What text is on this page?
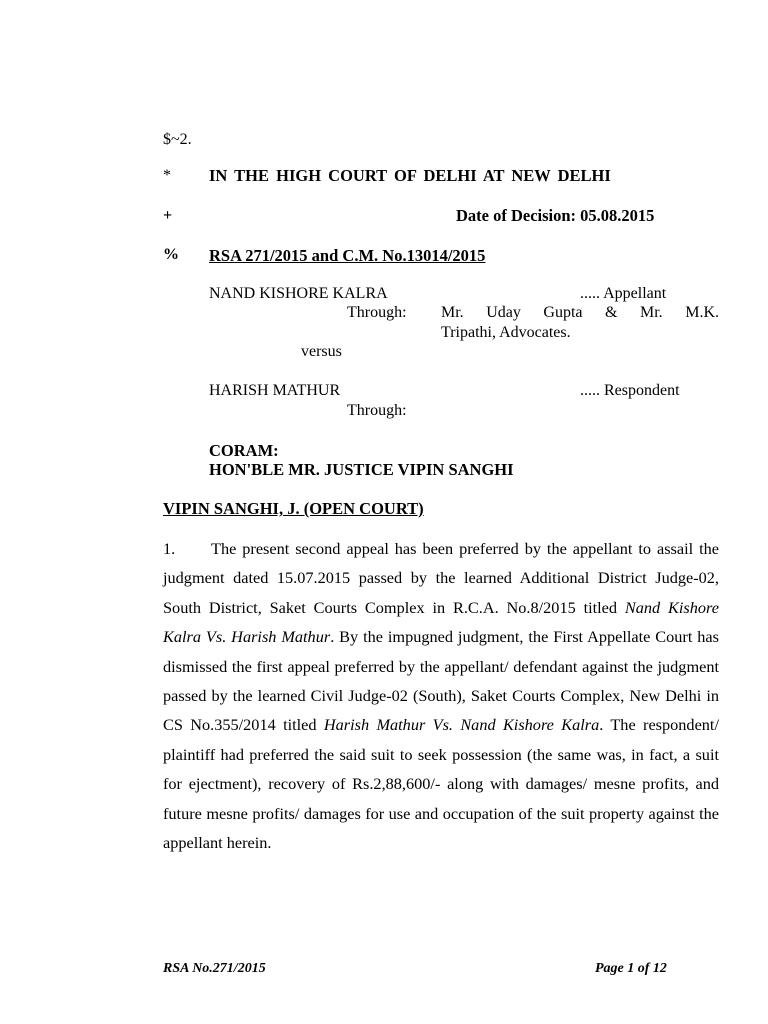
$~2.
* IN THE HIGH COURT OF DELHI AT NEW DELHI
+	Date of Decision: 05.08.2015
% RSA 271/2015 and C.M. No.13014/2015
NAND KISHORE KALRA	..... Appellant
Through: Mr. Uday Gupta & Mr. M.K.
Tripathi, Advocates.
versus
HARISH MATHUR	..... Respondent
Through:
CORAM:
HON'BLE MR. JUSTICE VIPIN SANGHI
VIPIN SANGHI, J. (OPEN COURT)
1. The present second appeal has been preferred by the appellant to assail the judgment dated 15.07.2015 passed by the learned Additional District Judge-02, South District, Saket Courts Complex in R.C.A. No.8/2015 titled Nand Kishore Kalra Vs. Harish Mathur. By the impugned judgment, the First Appellate Court has dismissed the first appeal preferred by the appellant/ defendant against the judgment passed by the learned Civil Judge-02 (South), Saket Courts Complex, New Delhi in CS No.355/2014 titled Harish Mathur Vs. Nand Kishore Kalra. The respondent/ plaintiff had preferred the said suit to seek possession (the same was, in fact, a suit for ejectment), recovery of Rs.2,88,600/- along with damages/ mesne profits, and future mesne profits/ damages for use and occupation of the suit property against the appellant herein.
RSA No.271/2015	Page 1 of 12
